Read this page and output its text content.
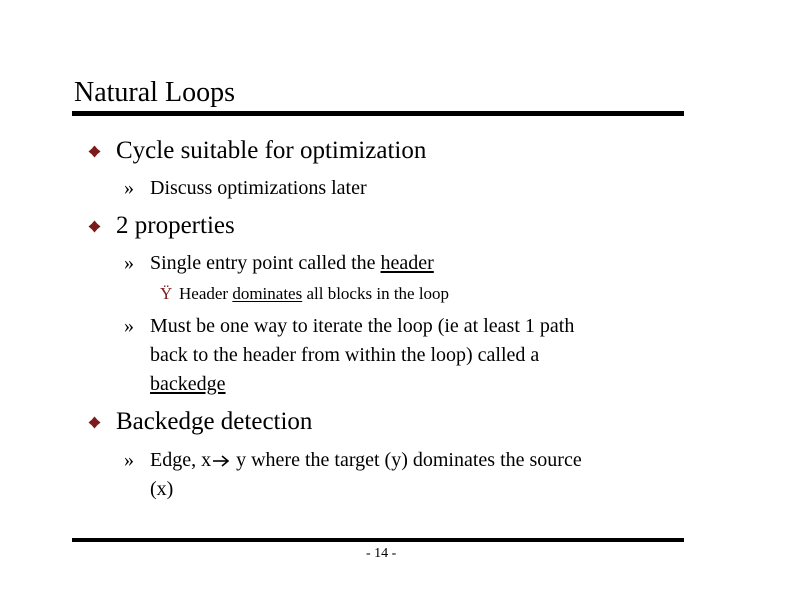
Natural Loops
Cycle suitable for optimization
» Discuss optimizations later
2 properties
» Single entry point called the header
Ÿ Header dominates all blocks in the loop
» Must be one way to iterate the loop (ie at least 1 path
back to the header from within the loop) called a
backedge
Backedge detection
» Edge, x y where the target (y) dominates the source
(x)
- 14 -
